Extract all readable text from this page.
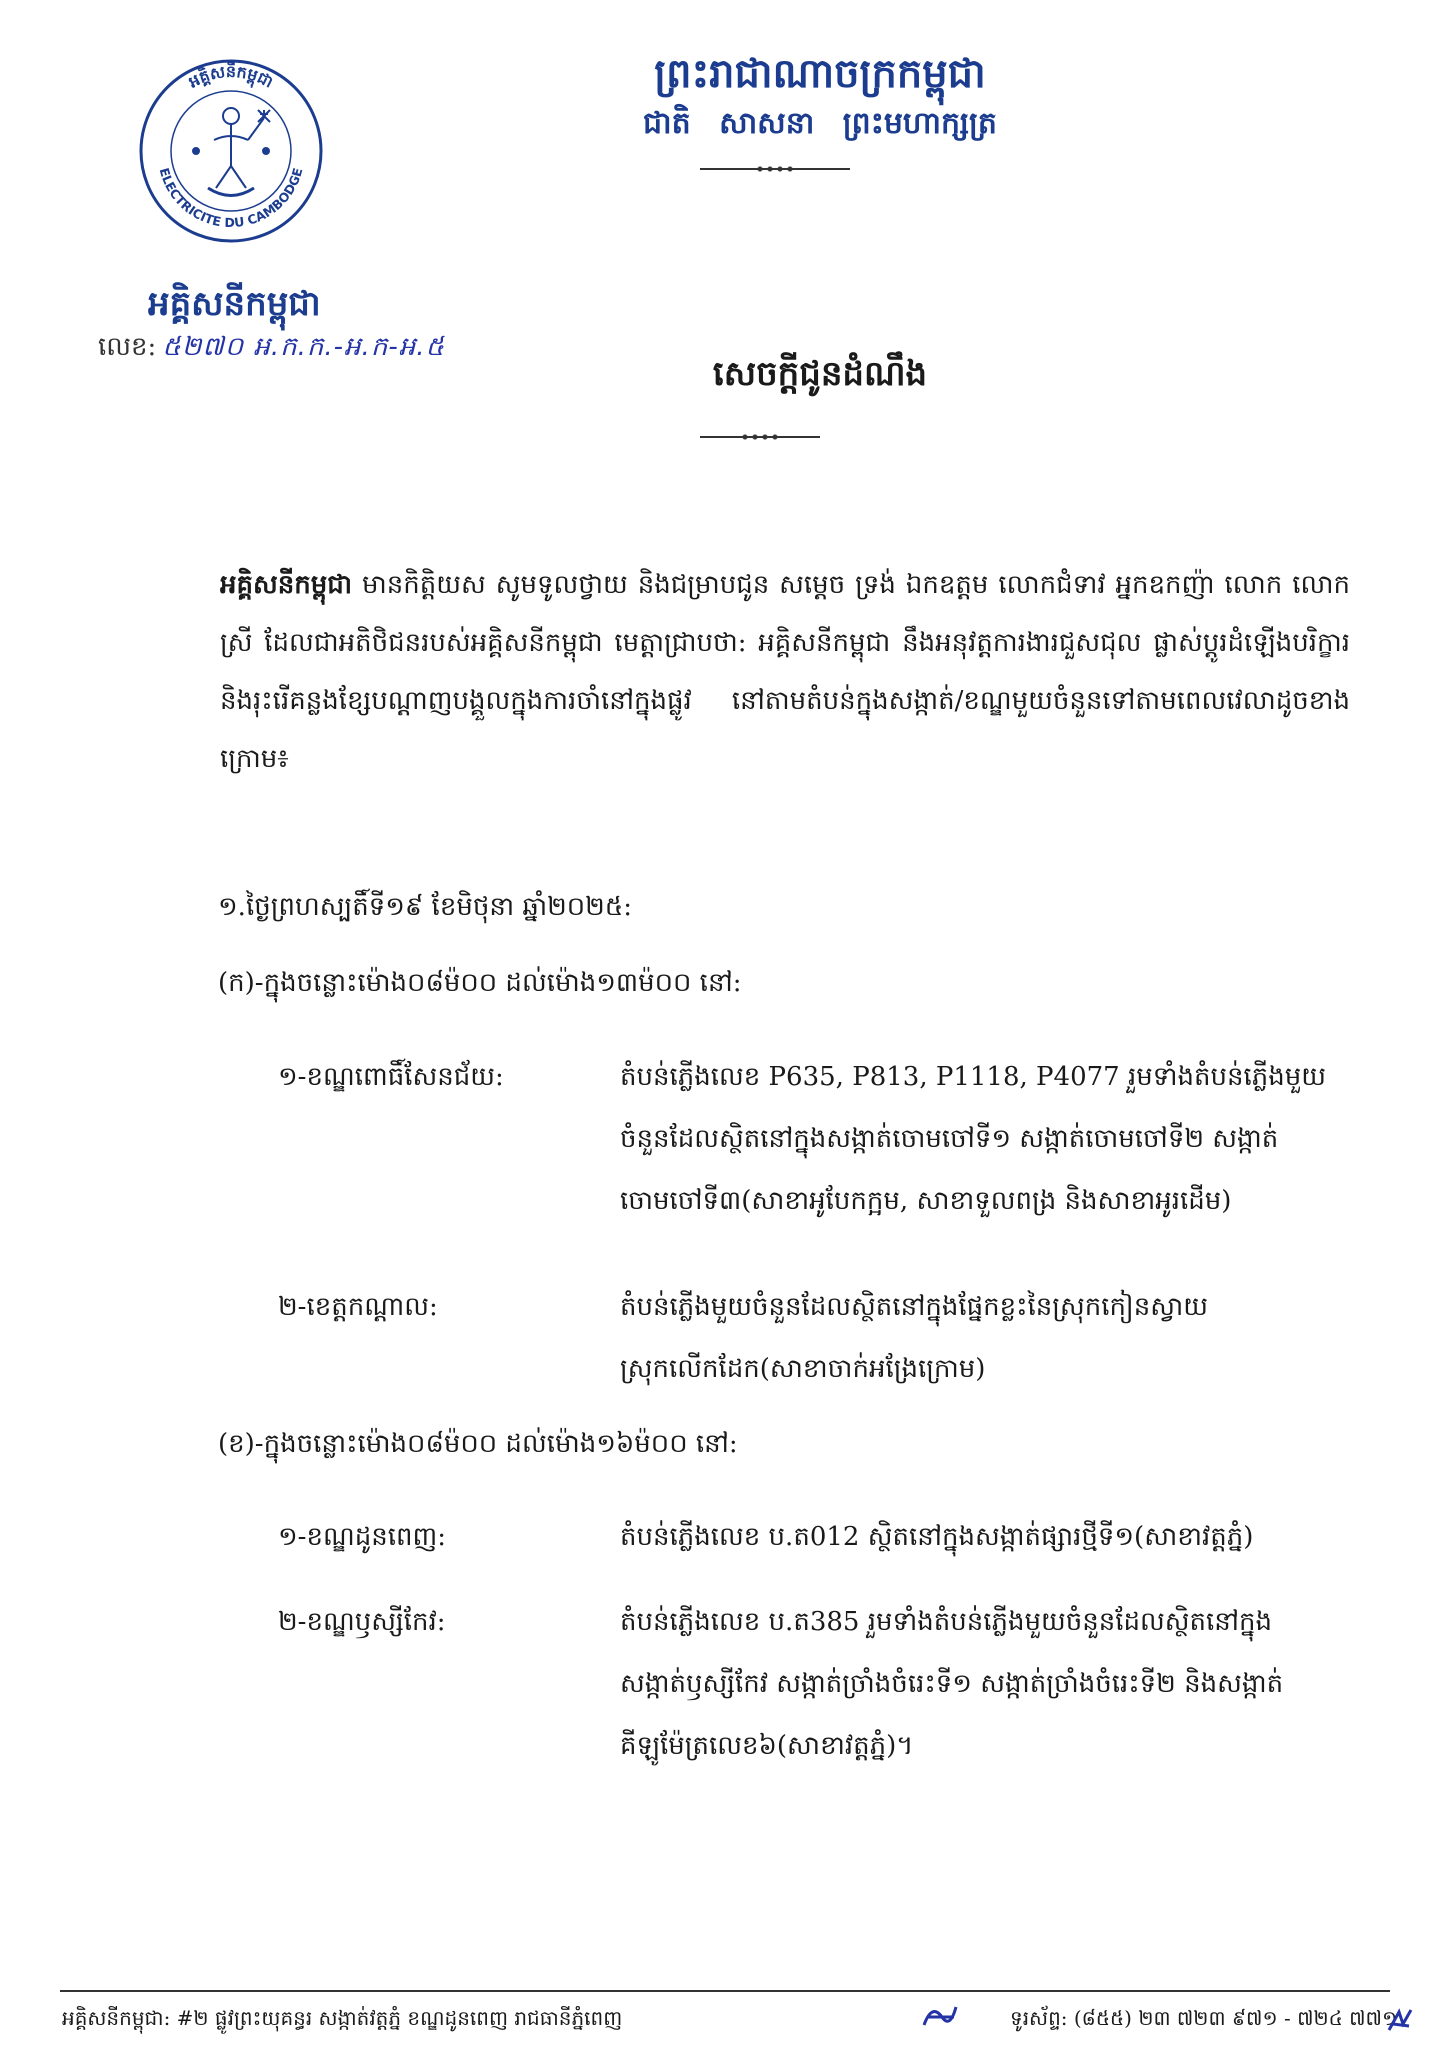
អគ្គិសនីកម្ពុជា
ELECTRICITE DU CAMBODGE
អគ្គិសនីកម្ពុជា
លេខ: ៥២៧០ អ.ក.ក.-អ.ក-អ.៥
ព្រះរាជាណាចក្រកម្ពុជា
ជាតិ សាសនា ព្រះមហាក្សត្រ
សេចក្តីជូនដំណឹង
អគ្គិសនីកម្ពុជា មានកិត្តិយស សូមទូលថ្វាយ និងជម្រាបជូន សម្តេច ទ្រង់ ឯកឧត្តម លោកជំទាវ អ្នកឧកញ៉ា លោក លោកស្រី ដែលជាអតិថិជនរបស់អគ្គិសនីកម្ពុជា មេត្តាជ្រាបថា: អគ្គិសនីកម្ពុជា នឹងអនុវត្តការងារជួសជុល ផ្លាស់ប្តូរដំឡើងបរិក្ខារ និងរុះរើគន្លងខ្សែបណ្តាញបង្គួលក្នុងការចាំនៅក្នុងផ្លូវ នៅតាមតំបន់ក្នុងសង្កាត់/ខណ្ឌមួយចំនួនទៅតាមពេលវេលាដូចខាងក្រោម៖
១.ថ្ងៃព្រហស្បតិ៍ទី១៩ ខែមិថុនា ឆ្នាំ២០២៥:
(ក)-ក្នុងចន្លោះម៉ោង០៨ម៉០០ ដល់ម៉ោង១៣ម៉០០ នៅ:
១-ខណ្ឌពោធិ៍សែនជ័យ:	តំបន់ភ្លើងលេខ P635, P813, P1118, P4077 រួមទាំងតំបន់ភ្លើងមួយ
ចំនួនដែលស្ថិតនៅក្នុងសង្កាត់ចោមចៅទី១ សង្កាត់ចោមចៅទី២ សង្កាត់
ចោមចៅទី៣(សាខាអូបែកក្អម, សាខាទួលពង្រ និងសាខាអូរដើម)
២-ខេត្តកណ្តាល:	តំបន់ភ្លើងមួយចំនួនដែលស្ថិតនៅក្នុងផ្នែកខ្លះនៃស្រុកកៀនស្វាយ
ស្រុកលើកដែក(សាខាចាក់អង្រែក្រោម)
(ខ)-ក្នុងចន្លោះម៉ោង០៨ម៉០០ ដល់ម៉ោង១៦ម៉០០ នៅ:
១-ខណ្ឌដូនពេញ:	តំបន់ភ្លើងលេខ ប.ត012 ស្ថិតនៅក្នុងសង្កាត់ផ្សារថ្មីទី១(សាខាវត្តភ្នំ)
២-ខណ្ឌឫស្សីកែវ:	តំបន់ភ្លើងលេខ ប.ត385 រួមទាំងតំបន់ភ្លើងមួយចំនួនដែលស្ថិតនៅក្នុង
សង្កាត់ឫស្សីកែវ សង្កាត់ច្រាំងចំរេះទី១ សង្កាត់ច្រាំងចំរេះទី២ និងសង្កាត់
គីឡូម៉ែត្រលេខ៦(សាខាវត្តភ្នំ)។
អគ្គិសនីកម្ពុជា: #២ ផ្លូវព្រះយុគន្ធរ សង្កាត់វត្តភ្នំ ខណ្ឌដូនពេញ រាជធានីភ្នំពេញ	ទូរស័ព្ទ: (៨៥៥) ២៣ ៧២៣ ៩៧១ - ៧២៤ ៧៧១
